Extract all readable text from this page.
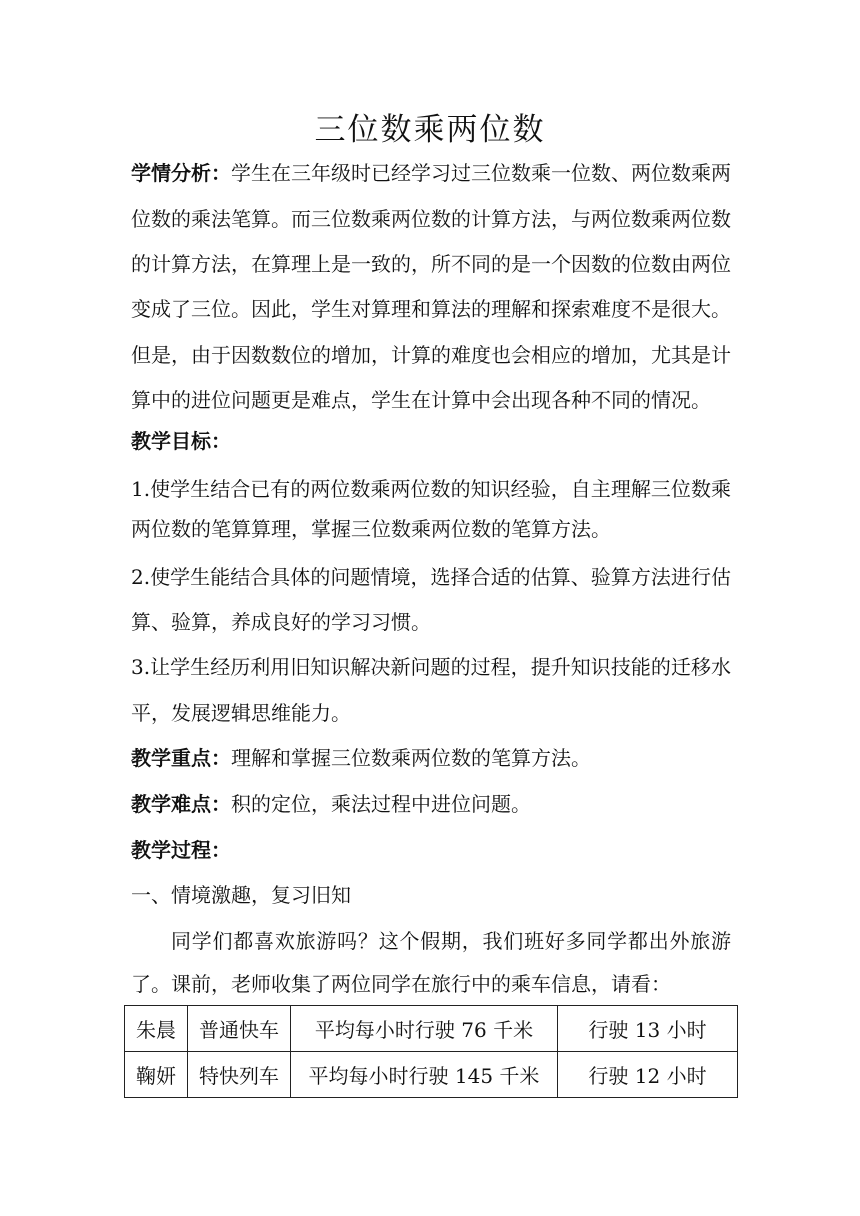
三位数乘两位数
学情分析：学生在三年级时已经学习过三位数乘一位数、两位数乘两
位数的乘法笔算。而三位数乘两位数的计算方法，与两位数乘两位数
的计算方法，在算理上是一致的，所不同的是一个因数的位数由两位
变成了三位。因此，学生对算理和算法的理解和探索难度不是很大。
但是，由于因数数位的增加，计算的难度也会相应的增加，尤其是计
算中的进位问题更是难点，学生在计算中会出现各种不同的情况。
教学目标：
1.使学生结合已有的两位数乘两位数的知识经验，自主理解三位数乘
两位数的笔算算理，掌握三位数乘两位数的笔算方法。
2.使学生能结合具体的问题情境，选择合适的估算、验算方法进行估
算、验算，养成良好的学习习惯。
3.让学生经历利用旧知识解决新问题的过程，提升知识技能的迁移水
平，发展逻辑思维能力。
教学重点：理解和掌握三位数乘两位数的笔算方法。
教学难点：积的定位，乘法过程中进位问题。
教学过程：
一、情境激趣，复习旧知
同学们都喜欢旅游吗？这个假期，我们班好多同学都出外旅游
了。课前，老师收集了两位同学在旅行中的乘车信息，请看：
朱晨	普通快车	平均每小时行驶 76 千米	行驶 13 小时
鞠妍	特快列车	平均每小时行驶 145 千米	行驶 12 小时
